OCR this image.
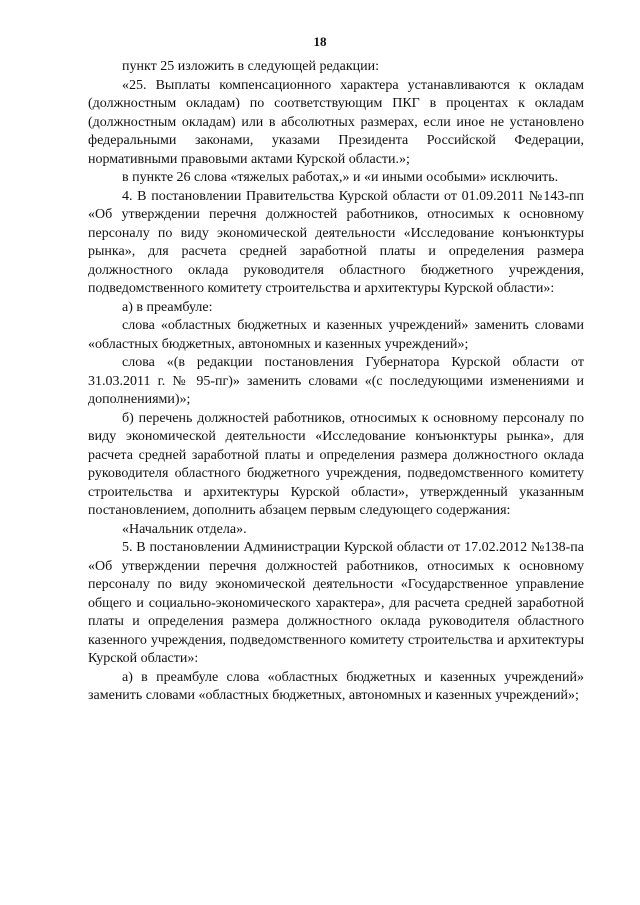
18

пункт 25 изложить в следующей редакции:

«25. Выплаты компенсационного характера устанавливаются к окладам (должностным окладам) по соответствующим ПКГ в процентах к окладам (должностным окладам) или в абсолютных размерах, если иное не установлено федеральными законами, указами Президента Российской Федерации, нормативными правовыми актами Курской области.»;

в пункте 26 слова «тяжелых работах,» и «и иными особыми» исключить.

4. В постановлении Правительства Курской области от 01.09.2011 №143-пп «Об утверждении перечня должностей работников, относимых к основному персоналу по виду экономической деятельности «Исследование конъюнктуры рынка», для расчета средней заработной платы и определения размера должностного оклада руководителя областного бюджетного учреждения, подведомственного комитету строительства и архитектуры Курской области»:

а) в преамбуле:

слова «областных бюджетных и казенных учреждений» заменить словами «областных бюджетных, автономных и казенных учреждений»;

слова «(в редакции постановления Губернатора Курской области от 31.03.2011 г. № 95-пг)» заменить словами «(с последующими изменениями и дополнениями)»;

б) перечень должностей работников, относимых к основному персоналу по виду экономической деятельности «Исследование конъюнктуры рынка», для расчета средней заработной платы и определения размера должностного оклада руководителя областного бюджетного учреждения, подведомственного комитету строительства и архитектуры Курской области», утвержденный указанным постановлением, дополнить абзацем первым следующего содержания:

«Начальник отдела».

5. В постановлении Администрации Курской области от 17.02.2012 №138-па «Об утверждении перечня должностей работников, относимых к основному персоналу по виду экономической деятельности «Государственное управление общего и социально-экономического характера», для расчета средней заработной платы и определения размера должностного оклада руководителя областного казенного учреждения, подведомственного комитету строительства и архитектуры Курской области»:

а) в преамбуле слова «областных бюджетных и казенных учреждений» заменить словами «областных бюджетных, автономных и казенных учреждений»;
